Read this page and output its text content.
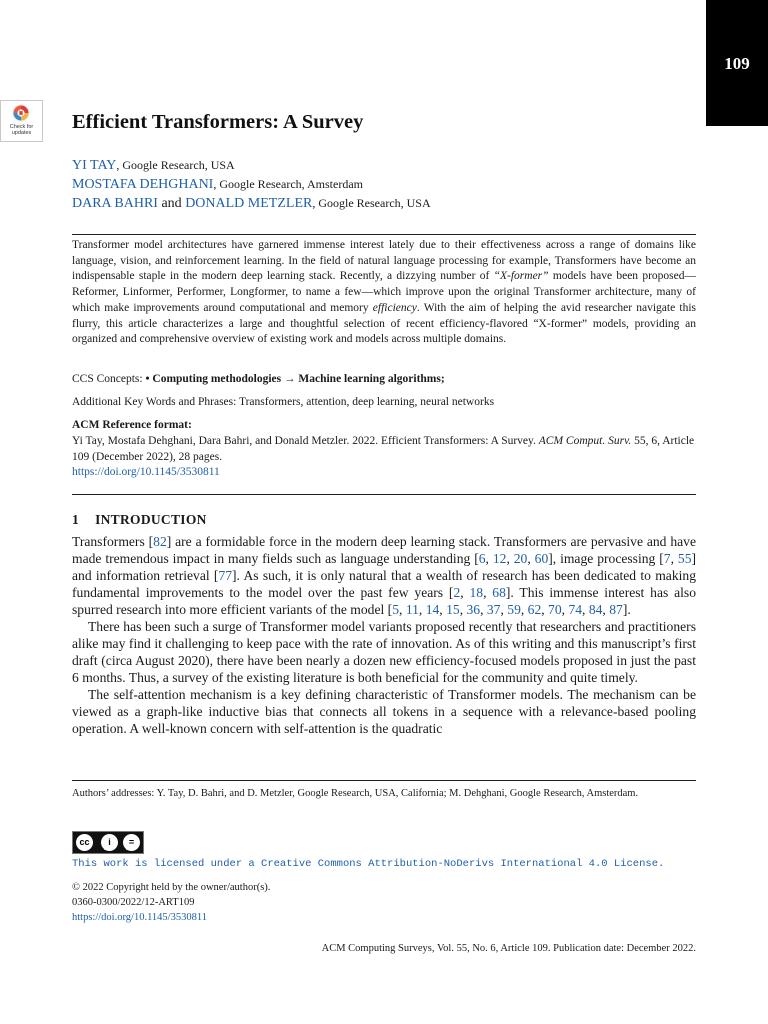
109
Check for
updates	Efficient Transformers: A Survey
YI TAY, Google Research, USA
MOSTAFA DEHGHANI, Google Research, Amsterdam
DARA BAHRI and DONALD METZLER, Google Research, USA
Transformer model architectures have garnered immense interest lately due to their effectiveness across a range of domains like language, vision, and reinforcement learning. In the field of natural language processing for example, Transformers have become an indispensable staple in the modern deep learning stack. Recently, a dizzying number of “X-former” models have been proposed—Reformer, Linformer, Performer, Longformer, to name a few—which improve upon the original Transformer architecture, many of which make improvements around computational and memory efficiency. With the aim of helping the avid researcher navigate this flurry, this article characterizes a large and thoughtful selection of recent efficiency-flavored “X-former” models, providing an organized and comprehensive overview of existing work and models across multiple domains.
CCS Concepts: • Computing methodologies → Machine learning algorithms;
Additional Key Words and Phrases: Transformers, attention, deep learning, neural networks
ACM Reference format:
Yi Tay, Mostafa Dehghani, Dara Bahri, and Donald Metzler. 2022. Efficient Transformers: A Survey. ACM Comput. Surv. 55, 6, Article 109 (December 2022), 28 pages.
https://doi.org/10.1145/3530811
1 INTRODUCTION

Transformers [82] are a formidable force in the modern deep learning stack. Transformers are pervasive and have made tremendous impact in many fields such as language understanding [6, 12, 20, 60], image processing [7, 55] and information retrieval [77]. As such, it is only natural that a wealth of research has been dedicated to making fundamental improvements to the model over the past few years [2, 18, 68]. This immense interest has also spurred research into more efficient variants of the model [5, 11, 14, 15, 36, 37, 59, 62, 70, 74, 84, 87].

There has been such a surge of Transformer model variants proposed recently that researchers and practitioners alike may find it challenging to keep pace with the rate of innovation. As of this writing and this manuscript’s first draft (circa August 2020), there have been nearly a dozen new efficiency-focused models proposed in just the past 6 months. Thus, a survey of the existing literature is both beneficial for the community and quite timely.

The self-attention mechanism is a key defining characteristic of Transformer models. The mechanism can be viewed as a graph-like inductive bias that connects all tokens in a sequence with a relevance-based pooling operation. A well-known concern with self-attention is the quadratic

Authors’ addresses: Y. Tay, D. Bahri, and D. Metzler, Google Research, USA, California; M. Dehghani, Google Research, Amsterdam.
cc	i	=
BY	ND
This work is licensed under a Creative Commons Attribution-NoDerivs International 4.0 License.
© 2022 Copyright held by the owner/author(s).
0360-0300/2022/12-ART109
https://doi.org/10.1145/3530811
ACM Computing Surveys, Vol. 55, No. 6, Article 109. Publication date: December 2022.
